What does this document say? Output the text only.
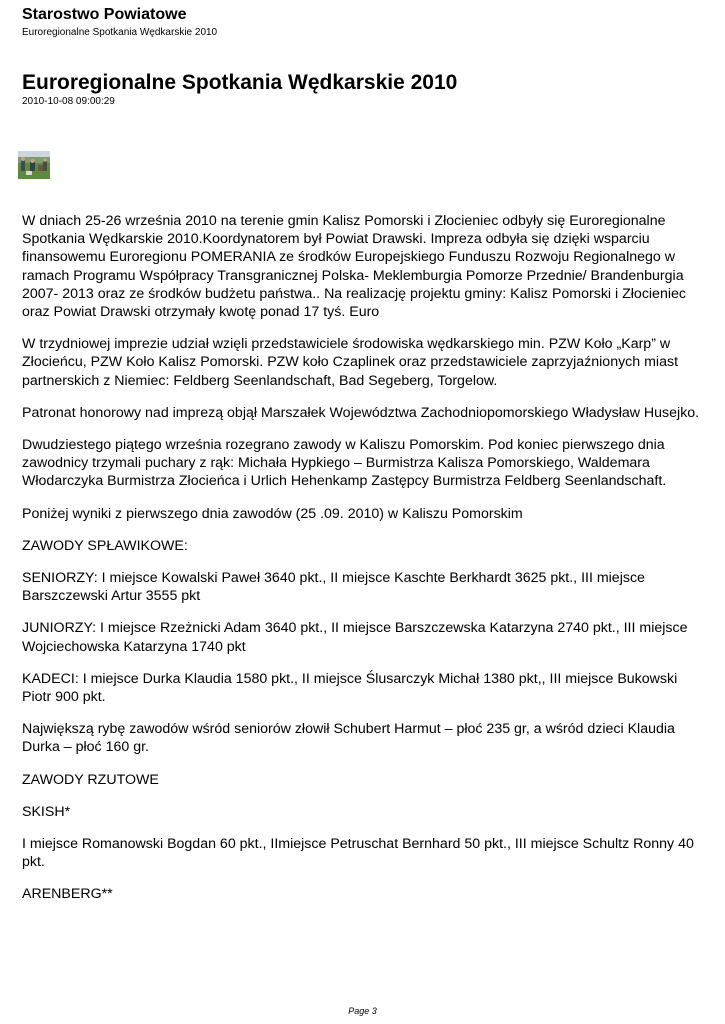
Starostwo Powiatowe
Euroregionalne Spotkania Wędkarskie 2010
Euroregionalne Spotkania Wędkarskie 2010
2010-10-08 09:00:29

W dniach 25-26 września 2010 na terenie gmin Kalisz Pomorski i Złocieniec odbyły się Euroregionalne Spotkania Wędkarskie 2010.Koordynatorem był Powiat Drawski. Impreza odbyła się dzięki wsparciu finansowemu Euroregionu POMERANIA ze środków Europejskiego Funduszu Rozwoju Regionalnego w ramach Programu Współpracy Transgranicznej Polska- Meklemburgia Pomorze Przednie/ Brandenburgia 2007- 2013 oraz ze środków budżetu państwa.. Na realizację projektu gminy: Kalisz Pomorski i Złocieniec oraz Powiat Drawski otrzymały kwotę ponad 17 tyś. Euro

W trzydniowej imprezie udział wzięli przedstawiciele środowiska wędkarskiego min. PZW Koło „Karp” w Złocieńcu, PZW Koło Kalisz Pomorski. PZW koło Czaplinek oraz przedstawiciele zaprzyjaźnionych miast partnerskich z Niemiec: Feldberg Seenlandschaft, Bad Segeberg, Torgelow.

Patronat honorowy nad imprezą objął Marszałek Województwa Zachodniopomorskiego Władysław Husejko.

Dwudziestego piątego września rozegrano zawody w Kaliszu Pomorskim. Pod koniec pierwszego dnia zawodnicy trzymali puchary z rąk: Michała Hypkiego – Burmistrza Kalisza Pomorskiego, Waldemara Włodarczyka Burmistrza Złocieńca i Urlich Hehenkamp Zastępcy Burmistrza Feldberg Seenlandschaft.

Poniżej wyniki z pierwszego dnia zawodów (25 .09. 2010) w Kaliszu Pomorskim

ZAWODY SPŁAWIKOWE:

SENIORZY: I miejsce Kowalski Paweł 3640 pkt., II miejsce Kaschte Berkhardt 3625 pkt., III miejsce Barszczewski Artur 3555 pkt

JUNIORZY: I miejsce Rzeżnicki Adam 3640 pkt., II miejsce Barszczewska Katarzyna 2740 pkt., III miejsce Wojciechowska Katarzyna 1740 pkt

KADECI: I miejsce Durka Klaudia 1580 pkt., II miejsce Ślusarczyk Michał 1380 pkt,, III miejsce Bukowski Piotr 900 pkt.

Największą rybę zawodów wśród seniorów złowił Schubert Harmut – płoć 235 gr, a wśród dzieci Klaudia Durka – płoć 160 gr.

ZAWODY RZUTOWE

SKISH*

I miejsce Romanowski Bogdan 60 pkt., IImiejsce Petruschat Bernhard 50 pkt., III miejsce Schultz Ronny 40 pkt.

ARENBERG**

Page 3
